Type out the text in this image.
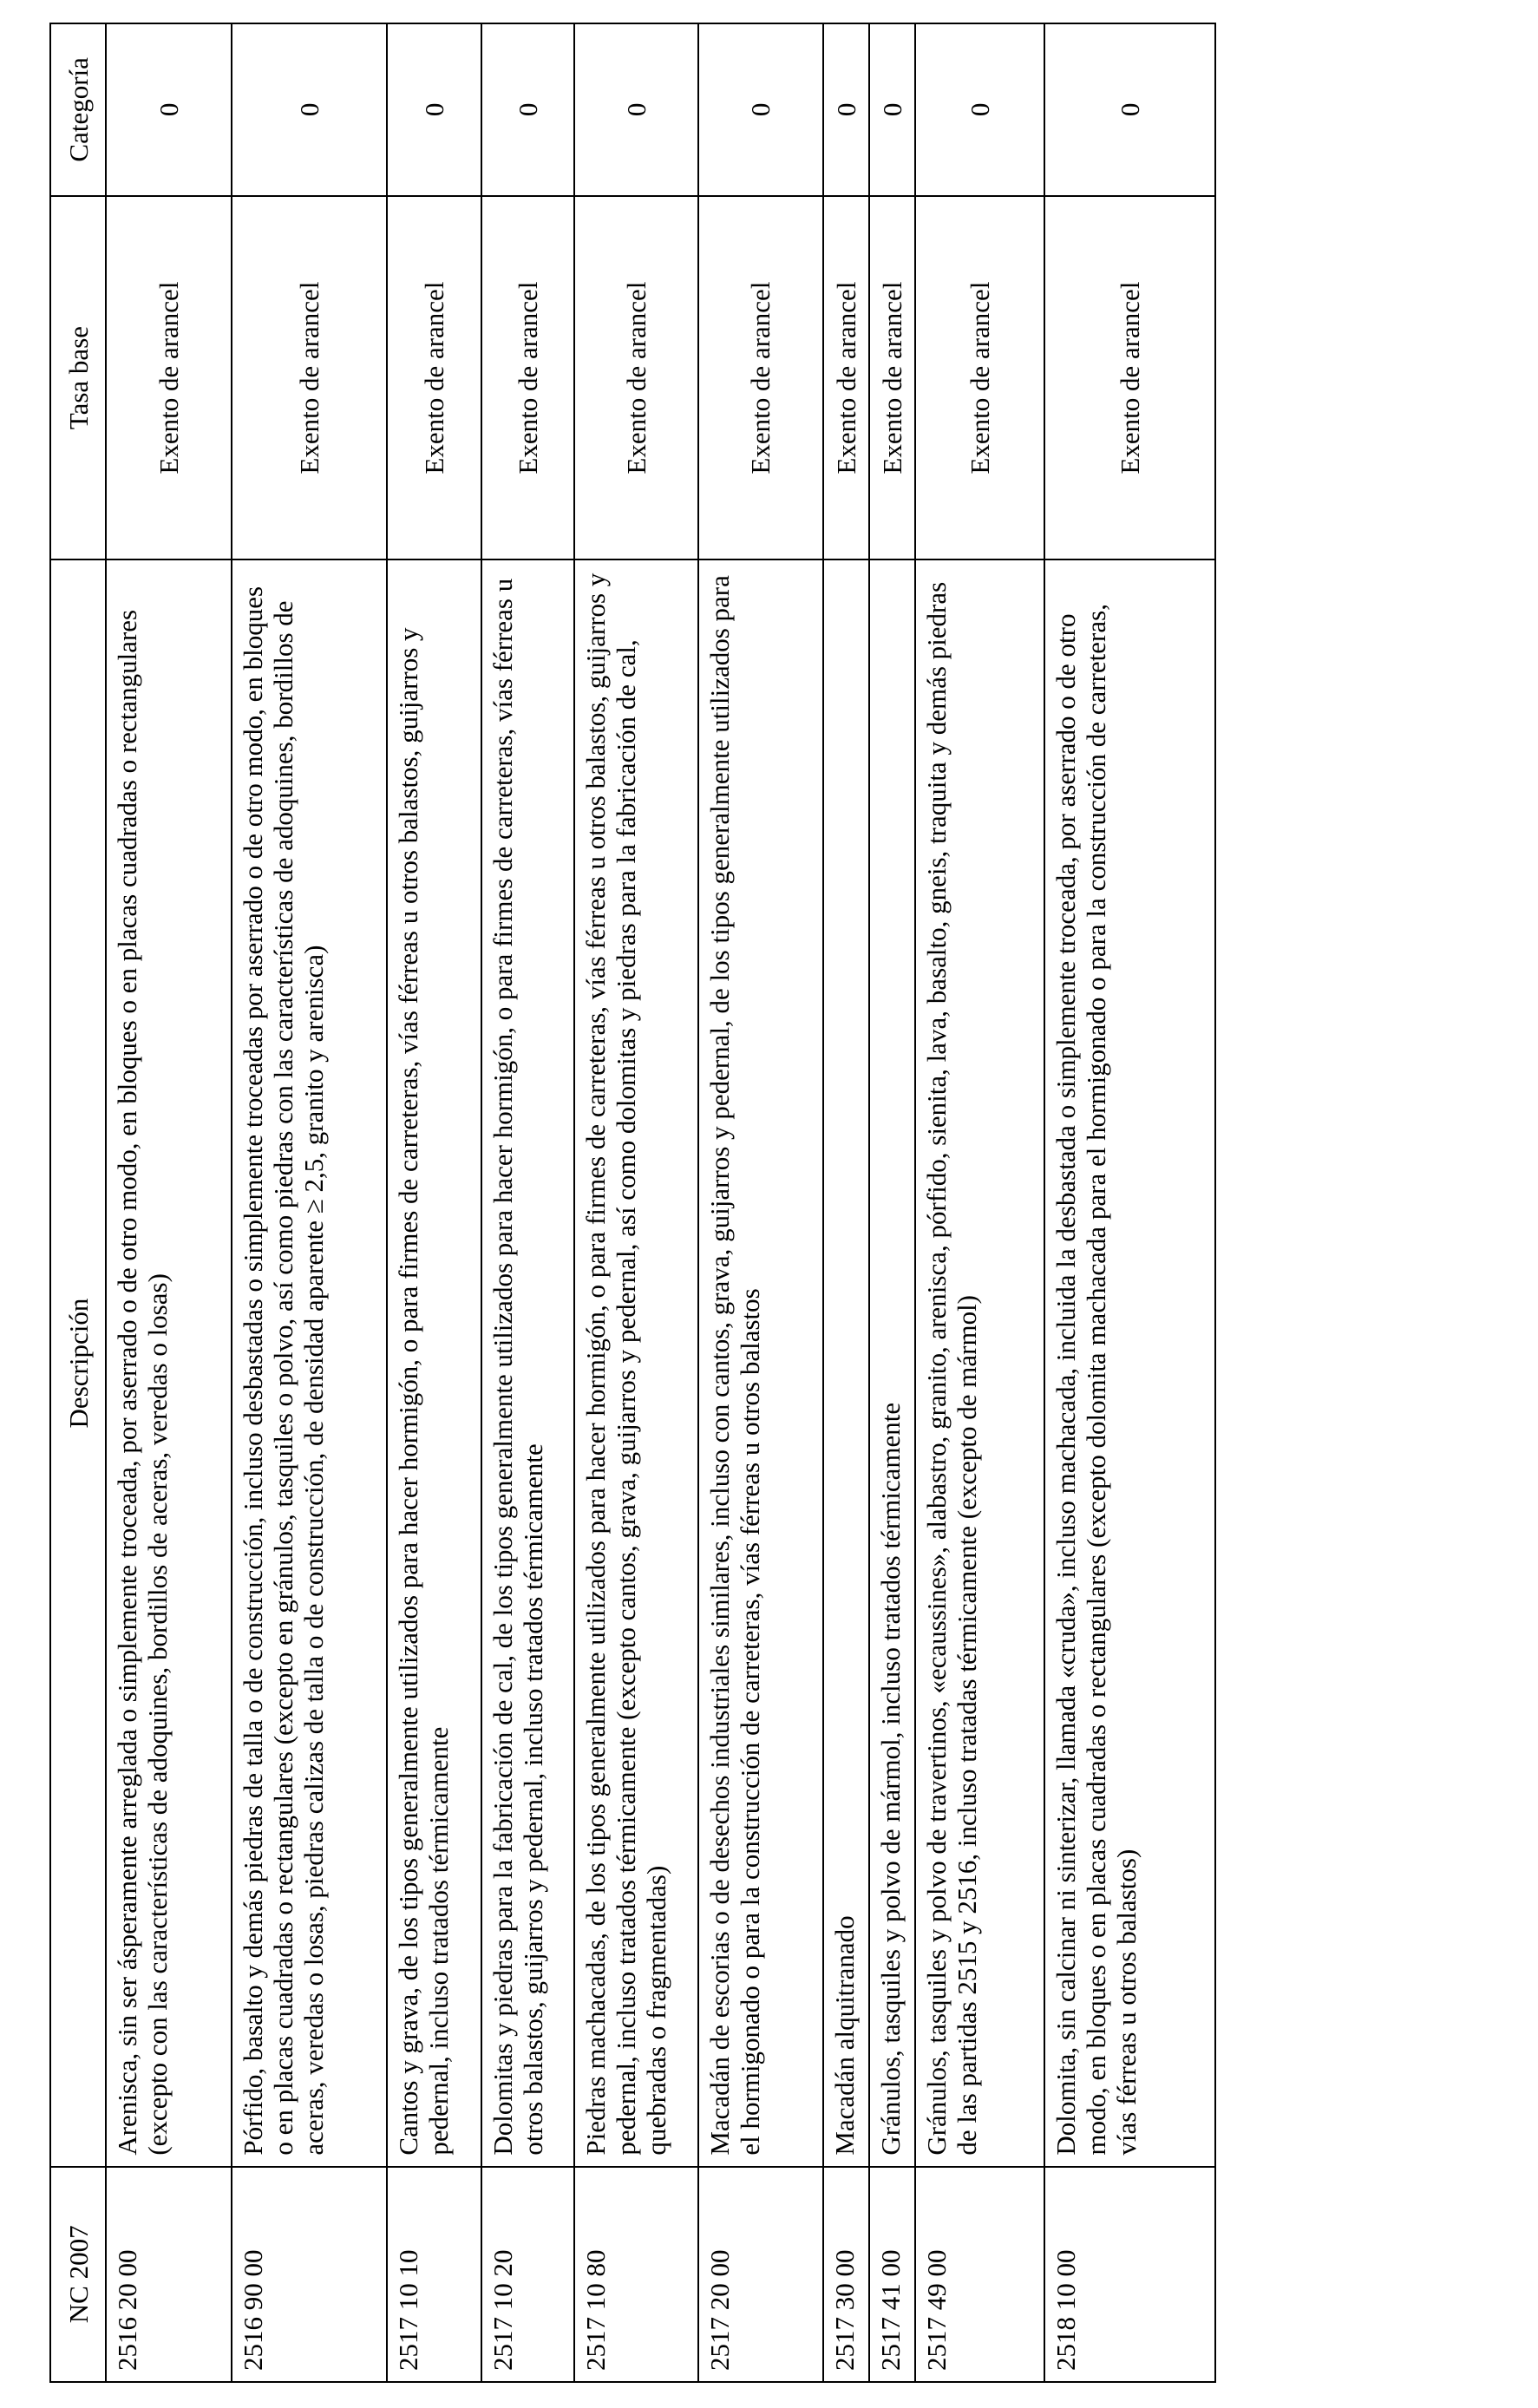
NC 2007	Descripción	Tasa base	Categoría
2516 20 00	Arenisca, sin ser ásperamente arreglada o simplemente troceada, por aserrado o de otro modo, en bloques o en placas cuadradas o rectangulares (excepto con las características de adoquines, bordillos de aceras, veredas o losas)	Exento de arancel	0
2516 90 00	Pórfido, basalto y demás piedras de talla o de construcción, incluso desbastadas o simplemente troceadas por aserrado o de otro modo, en bloques o en placas cuadradas o rectangulares (excepto en gránulos, tasquiles o polvo, así como piedras con las características de adoquines, bordillos de aceras, veredas o losas, piedras calizas de talla o de construcción, de densidad aparente ≥ 2,5, granito y arenisca)	Exento de arancel	0
2517 10 10	Cantos y grava, de los tipos generalmente utilizados para hacer hormigón, o para firmes de carreteras, vías férreas u otros balastos, guijarros y pedernal, incluso tratados térmicamente	Exento de arancel	0
2517 10 20	Dolomitas y piedras para la fabricación de cal, de los tipos generalmente utilizados para hacer hormigón, o para firmes de carreteras, vías férreas u otros balastos, guijarros y pedernal, incluso tratados térmicamente	Exento de arancel	0
2517 10 80	Piedras machacadas, de los tipos generalmente utilizados para hacer hormigón, o para firmes de carreteras, vías férreas u otros balastos, guijarros y pedernal, incluso tratados térmicamente (excepto cantos, grava, guijarros y pedernal, así como dolomitas y piedras para la fabricación de cal, quebradas o fragmentadas)	Exento de arancel	0
2517 20 00	Macadán de escorias o de desechos industriales similares, incluso con cantos, grava, guijarros y pedernal, de los tipos generalmente utilizados para el hormigonado o para la construcción de carreteras, vías férreas u otros balastos	Exento de arancel	0
2517 30 00	Macadán alquitranado	Exento de arancel	0
2517 41 00	Gránulos, tasquiles y polvo de mármol, incluso tratados térmicamente	Exento de arancel	0
2517 49 00	Gránulos, tasquiles y polvo de travertinos, «ecaussines», alabastro, granito, arenisca, pórfido, sienita, lava, basalto, gneis, traquita y demás piedras de las partidas 2515 y 2516, incluso tratadas térmicamente (excepto de mármol)	Exento de arancel	0
2518 10 00	Dolomita, sin calcinar ni sinterizar, llamada «cruda», incluso machacada, incluida la desbastada o simplemente troceada, por aserrado o de otro modo, en bloques o en placas cuadradas o rectangulares (excepto dolomita machacada para el hormigonado o para la construcción de carreteras, vías férreas u otros balastos)	Exento de arancel	0
